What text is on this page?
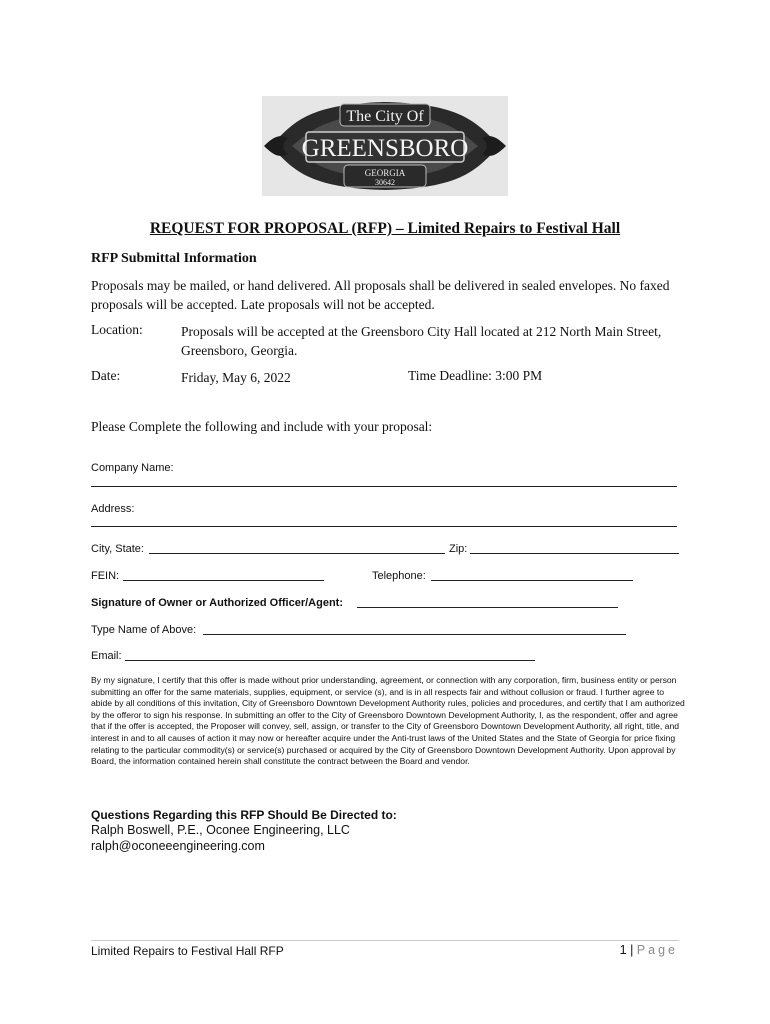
The City Of
GREENSBORO
GEORGIA
30642
REQUEST FOR PROPOSAL (RFP) – Limited Repairs to Festival Hall
RFP Submittal Information
Proposals may be mailed, or hand delivered. All proposals shall be delivered in sealed envelopes. No faxed proposals will be accepted. Late proposals will not be accepted.
Location:	Proposals will be accepted at the Greensboro City Hall located at 212 North Main Street, Greensboro, Georgia.
Date:	Friday, May 6, 2022	Time Deadline: 3:00 PM
Please Complete the following and include with your proposal:
Company Name:
Address:
City, State:	Zip:
FEIN:	Telephone:
Signature of Owner or Authorized Officer/Agent:
Type Name of Above:
Email:
By my signature, I certify that this offer is made without prior understanding, agreement, or connection with any corporation, firm, business entity or person submitting an offer for the same materials, supplies, equipment, or service (s), and is in all respects fair and without collusion or fraud. I further agree to abide by all conditions of this invitation, City of Greensboro Downtown Development Authority rules, policies and procedures, and certify that I am authorized by the offeror to sign his response. In submitting an offer to the City of Greensboro Downtown Development Authority, I, as the respondent, offer and agree that if the offer is accepted, the Proposer will convey, sell, assign, or transfer to the City of Greensboro Downtown Development Authority, all right, title, and interest in and to all causes of action it may now or hereafter acquire under the Anti-trust laws of the United States and the State of Georgia for price fixing relating to the particular commodity(s) or service(s) purchased or acquired by the City of Greensboro Downtown Development Authority. Upon approval by Board, the information contained herein shall constitute the contract between the Board and vendor.
Questions Regarding this RFP Should Be Directed to:
Ralph Boswell, P.E., Oconee Engineering, LLC
ralph@oconeeengineering.com
Limited Repairs to Festival Hall RFP	1 | Page
